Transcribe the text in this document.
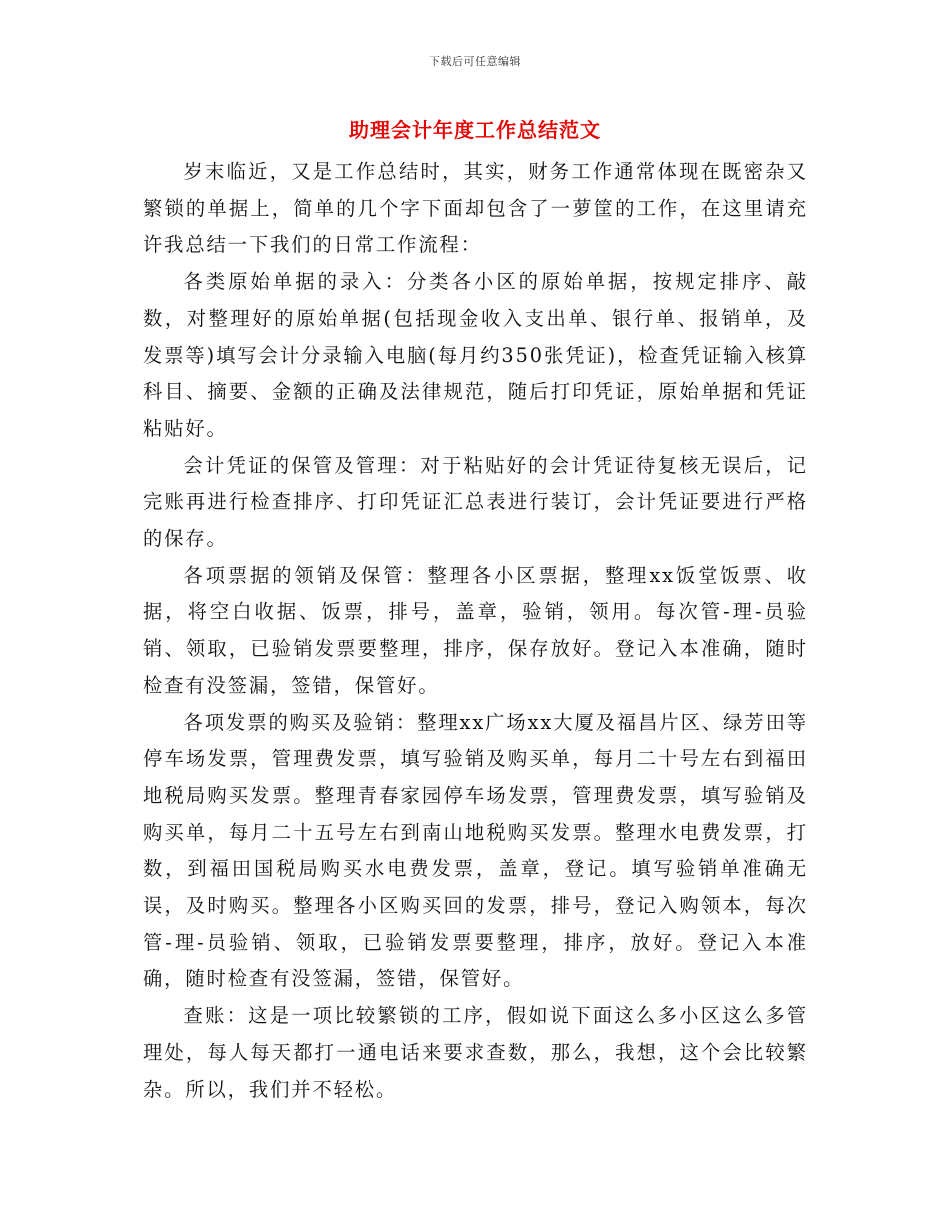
下载后可任意编辑
助理会计年度工作总结范文

岁末临近，又是工作总结时，其实，财务工作通常体现在既密杂又繁锁的单据上，简单的几个字下面却包含了一萝筐的工作，在这里请充许我总结一下我们的日常工作流程：

各类原始单据的录入：分类各小区的原始单据，按规定排序、敲数，对整理好的原始单据(包括现金收入支出单、银行单、报销单，及发票等)填写会计分录输入电脑(每月约350张凭证)，检查凭证输入核算科目、摘要、金额的正确及法律规范，随后打印凭证，原始单据和凭证粘贴好。

会计凭证的保管及管理：对于粘贴好的会计凭证待复核无误后，记完账再进行检查排序、打印凭证汇总表进行装订，会计凭证要进行严格的保存。

各项票据的领销及保管：整理各小区票据，整理xx饭堂饭票、收据，将空白收据、饭票，排号，盖章，验销，领用。每次管-理-员验销、领取，已验销发票要整理，排序，保存放好。登记入本准确，随时检查有没签漏，签错，保管好。

各项发票的购买及验销：整理xx广场xx大厦及福昌片区、绿芳田等停车场发票，管理费发票，填写验销及购买单，每月二十号左右到福田地税局购买发票。整理青春家园停车场发票，管理费发票，填写验销及购买单，每月二十五号左右到南山地税购买发票。整理水电费发票，打数，到福田国税局购买水电费发票，盖章，登记。填写验销单准确无误，及时购买。整理各小区购买回的发票，排号，登记入购领本，每次管-理-员验销、领取，已验销发票要整理，排序，放好。登记入本准确，随时检查有没签漏，签错，保管好。

查账：这是一项比较繁锁的工序，假如说下面这么多小区这么多管理处，每人每天都打一通电话来要求查数，那么，我想，这个会比较繁杂。所以，我们并不轻松。
